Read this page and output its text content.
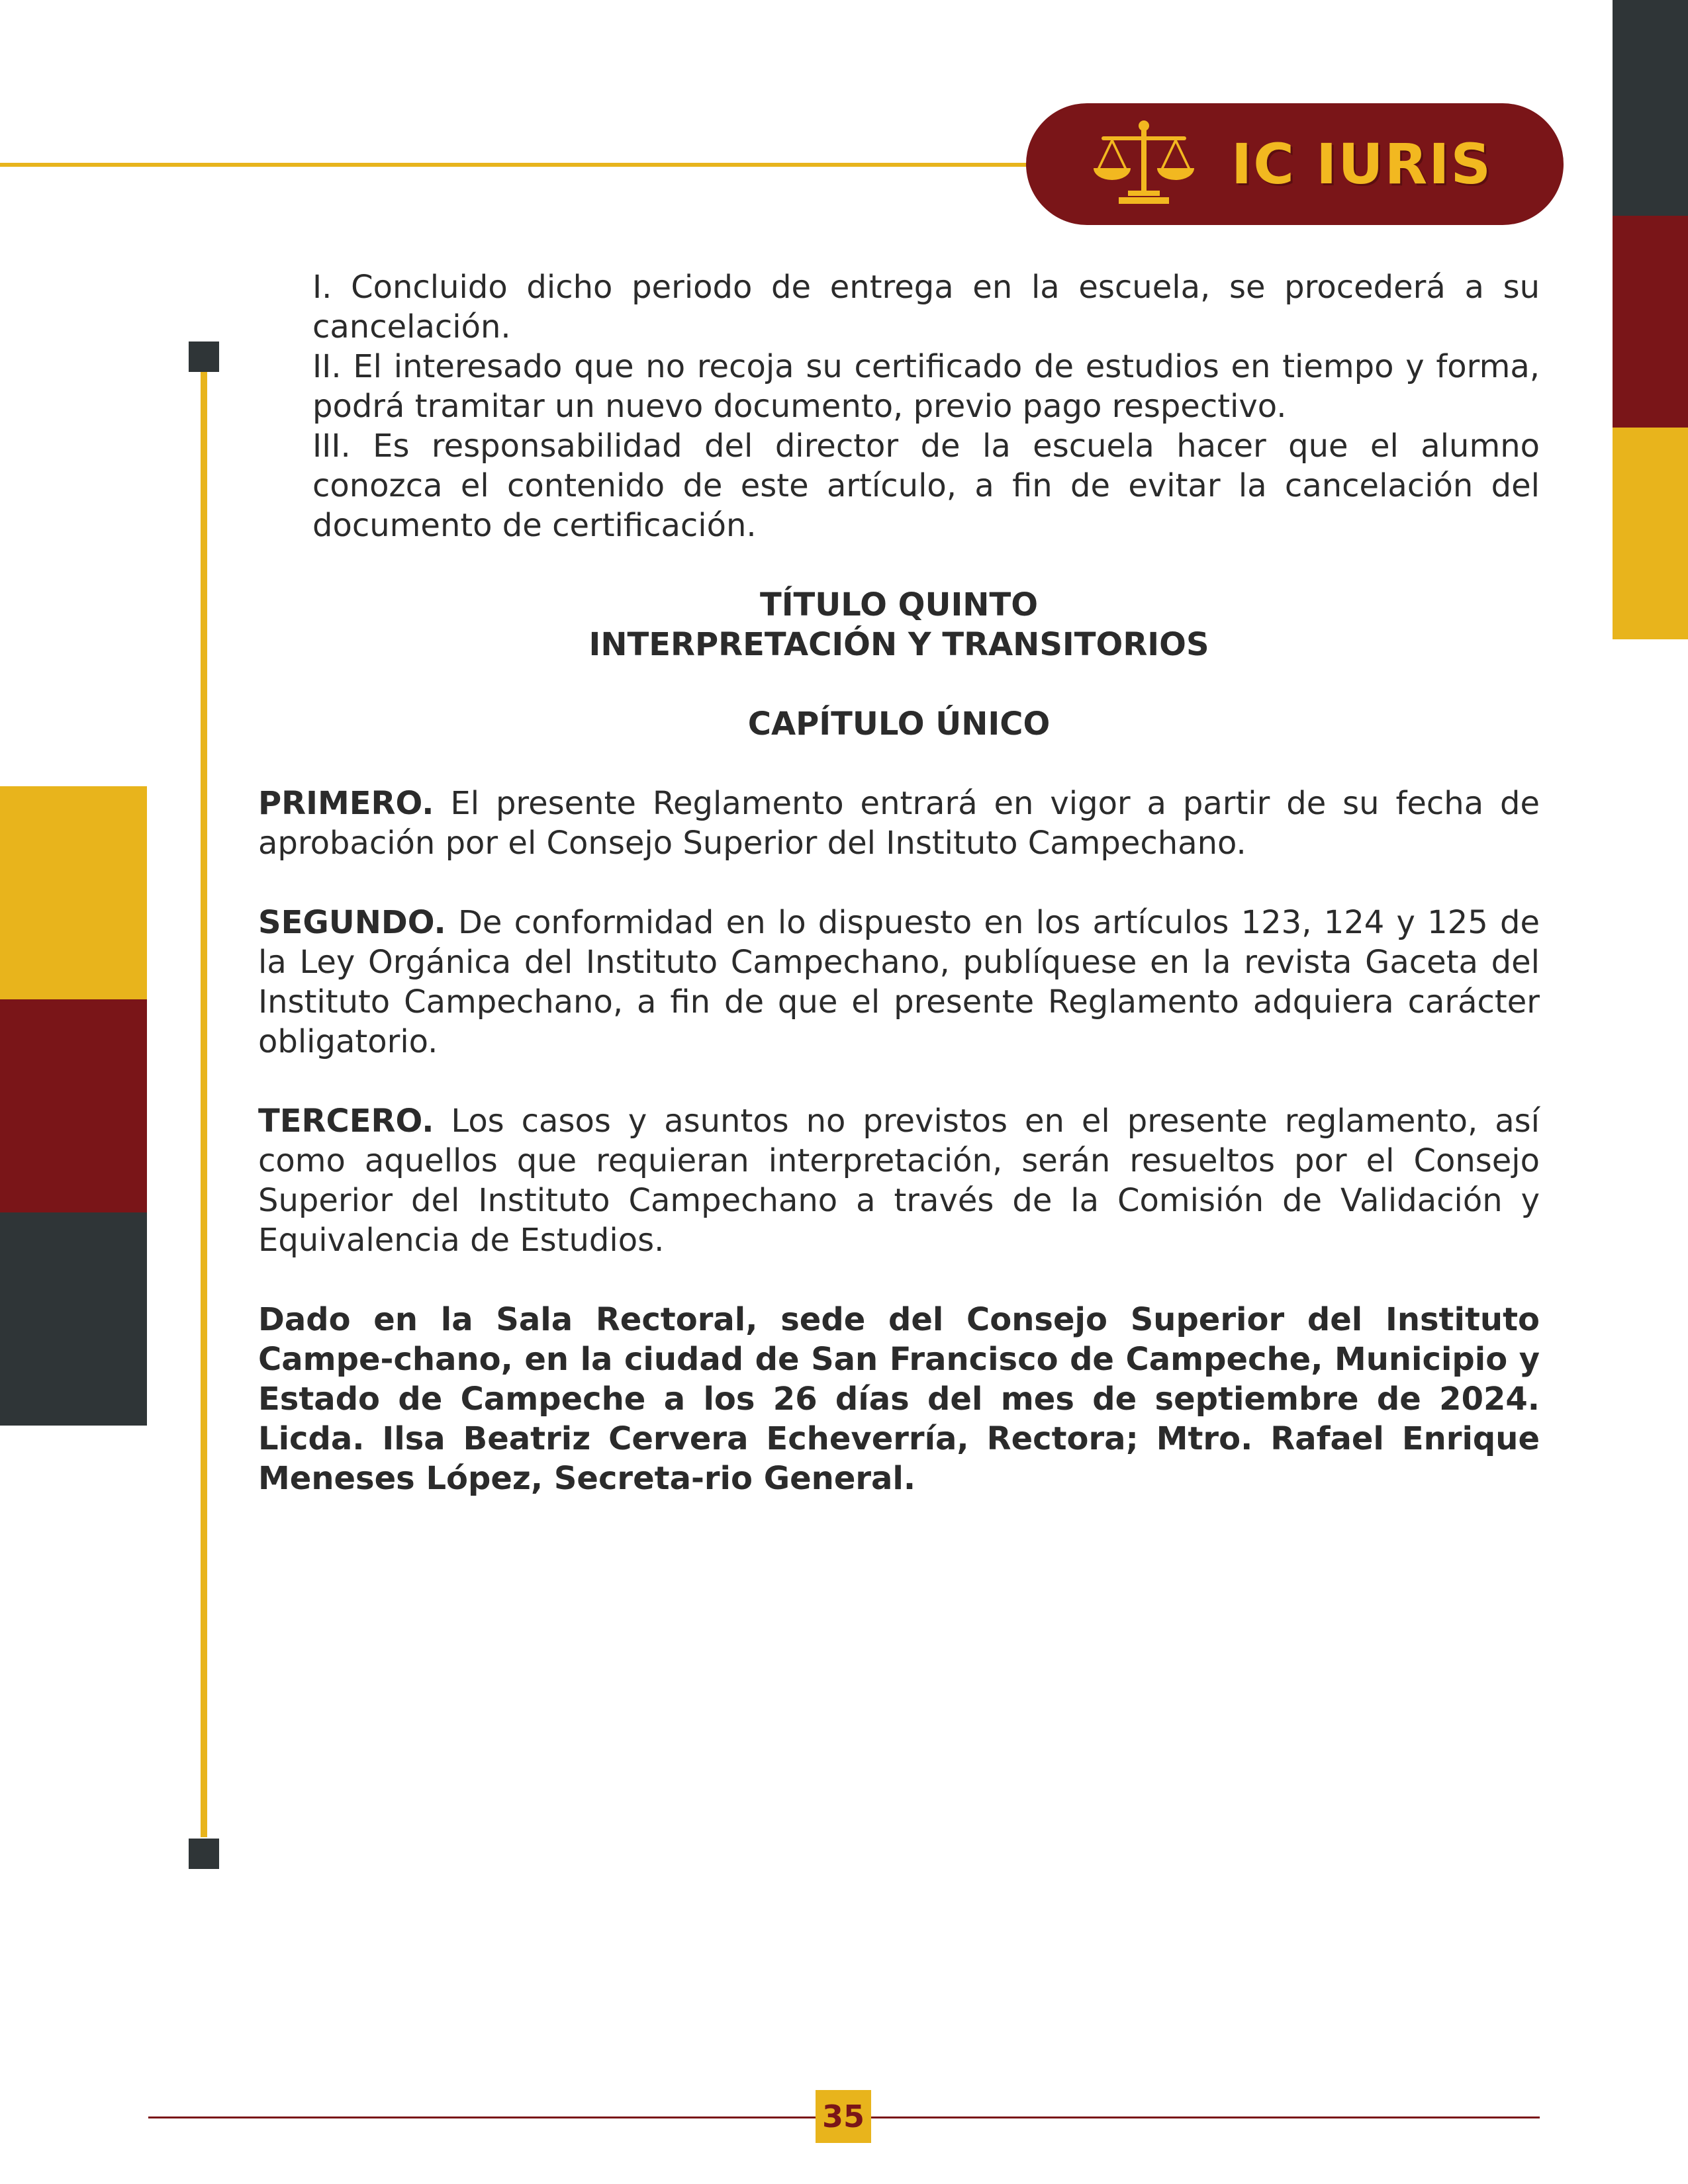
IC IURIS

I. Concluido dicho periodo de entrega en la escuela, se procederá a su cancelación.

II. El interesado que no recoja su certificado de estudios en tiempo y forma, podrá tramitar un nuevo documento, previo pago respectivo.

III. Es responsabilidad del director de la escuela hacer que el alumno conozca el contenido de este artículo, a fin de evitar la cancelación del documento de certificación.

TÍTULO QUINTO

INTERPRETACIÓN Y TRANSITORIOS

CAPÍTULO ÚNICO

PRIMERO. El presente Reglamento entrará en vigor a partir de su fecha de aprobación por el Consejo Superior del Instituto Campechano.

SEGUNDO. De conformidad en lo dispuesto en los artículos 123, 124 y 125 de la Ley Orgánica del Instituto Campechano, publíquese en la revista Gaceta del Instituto Campechano, a fin de que el presente Reglamento adquiera carácter obligatorio.

TERCERO. Los casos y asuntos no previstos en el presente reglamento, así como aquellos que requieran interpretación, serán resueltos por el Consejo Superior del Instituto Campechano a través de la Comisión de Validación y Equivalencia de Estudios.

Dado en la Sala Rectoral, sede del Consejo Superior del Instituto Campe-chano, en la ciudad de San Francisco de Campeche, Municipio y Estado de Campeche a los 26 días del mes de septiembre de 2024. Licda. Ilsa Beatriz Cervera Echeverría, Rectora; Mtro. Rafael Enrique Meneses López, Secreta-rio General.

35
